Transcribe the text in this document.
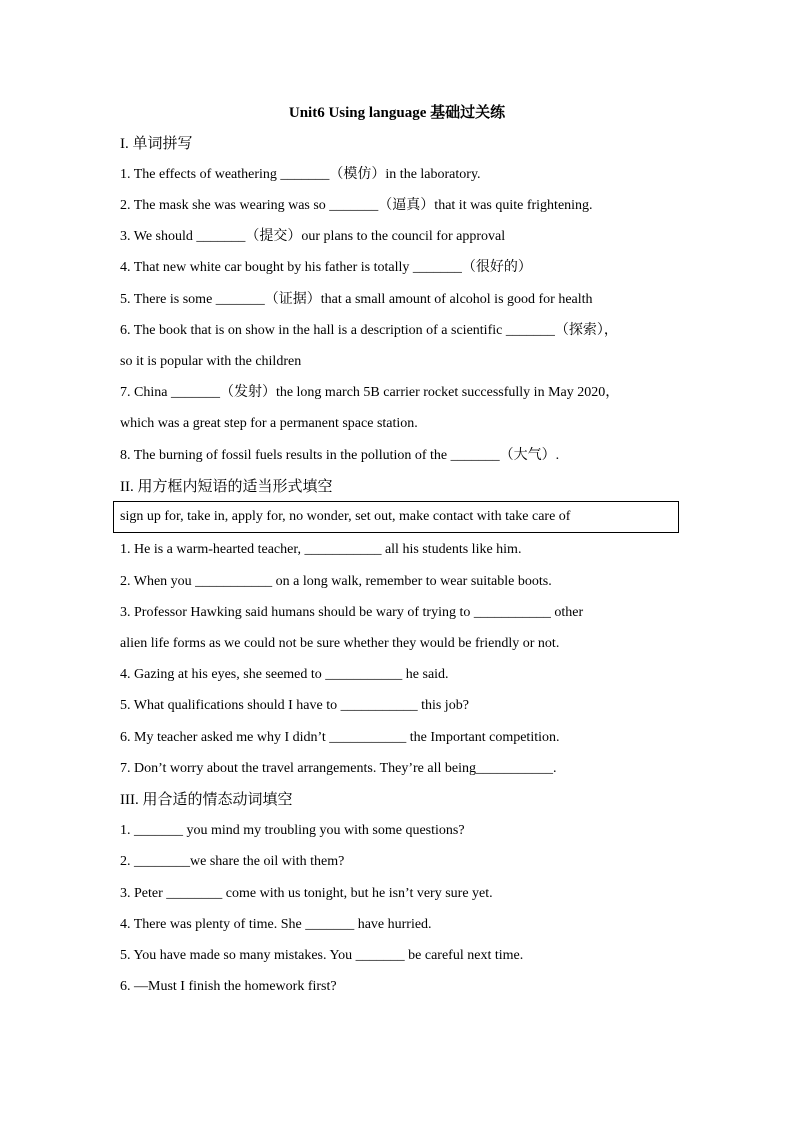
Unit6 Using language 基础过关练
I. 单词拼写
1. The effects of weathering _______（模仿）in the laboratory.
2. The mask she was wearing was so _______（逼真）that it was quite frightening.
3. We should _______（提交）our plans to the council for approval
4. That new white car bought by his father is totally _______（很好的）
5. There is some _______（证据）that a small amount of alcohol is good for health
6. The book that is on show in the hall is a description of a scientific _______（探索），
so it is popular with the children
7. China _______（发射）the long march 5B carrier rocket successfully in May 2020，
which was a great step for a permanent space station.
8. The burning of fossil fuels results in the pollution of the _______（大气）.
II. 用方框内短语的适当形式填空
sign up for, take in, apply for, no wonder, set out, make contact with take care of
1. He is a warm-hearted teacher, ___________ all his students like him.
2. When you ___________ on a long walk, remember to wear suitable boots.
3. Professor Hawking said humans should be wary of trying to ___________ other
alien life forms as we could not be sure whether they would be friendly or not.
4. Gazing at his eyes, she seemed to ___________ he said.
5. What qualifications should I have to ___________ this job?
6. My teacher asked me why I didn’t ___________ the Important competition.
7. Don’t worry about the travel arrangements. They’re all being___________.
III. 用合适的情态动词填空
1. _______ you mind my troubling you with some questions?
2. ________we share the oil with them?
3. Peter ________ come with us tonight, but he isn’t very sure yet.
4. There was plenty of time. She _______ have hurried.
5. You have made so many mistakes. You _______ be careful next time.
6. —Must I finish the homework first?
